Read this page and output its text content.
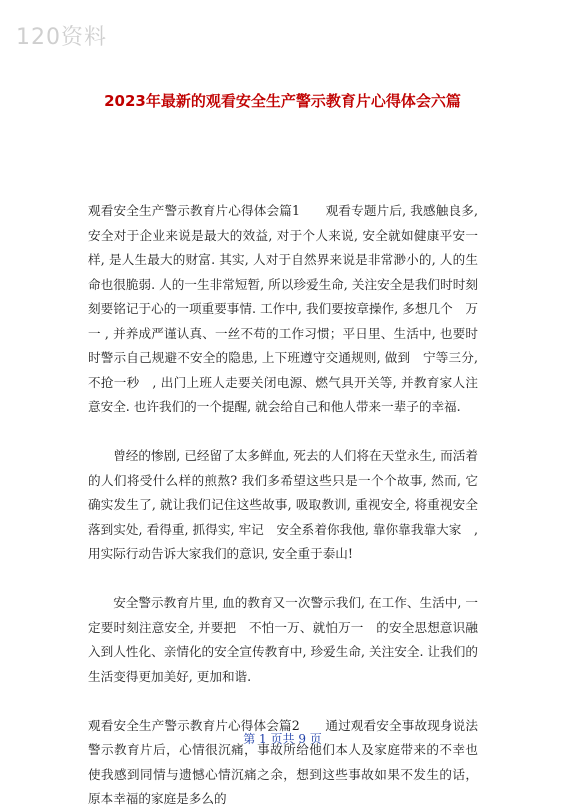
120资料
2023年最新的观看安全生产警示教育片心得体会六篇

观看安全生产警示教育片心得体会篇1　　观看专题片后, 我感触良多, 安全对于企业来说是最大的效益, 对于个人来说, 安全就如健康平安一样, 是人生最大的财富. 其实, 人对于自然界来说是非常渺小的, 人的生命也很脆弱. 人的一生非常短暂, 所以珍爱生命, 关注安全是我们时时刻刻要铭记于心的一项重要事情. 工作中, 我们要按章操作, 多想几个　万一 , 并养成严谨认真、一丝不苟的工作习惯；平日里、生活中, 也要时时警示自己规避不安全的隐患, 上下班遵守交通规则, 做到　宁等三分, 不抢一秒　, 出门上班人走要关闭电源、燃气具开关等, 并教育家人注意安全. 也许我们的一个提醒, 就会给自己和他人带来一辈子的幸福.

曾经的惨剧, 已经留了太多鲜血, 死去的人们将在天堂永生, 而活着的人们将受什么样的煎熬? 我们多希望这些只是一个个故事, 然而, 它确实发生了, 就让我们记住这些故事, 吸取教训, 重视安全, 将重视安全落到实处, 看得重, 抓得实, 牢记　安全系着你我他, 靠你靠我靠大家　, 用实际行动告诉大家我们的意识, 安全重于泰山!

安全警示教育片里, 血的教育又一次警示我们, 在工作、生活中, 一定要时刻注意安全, 并要把　不怕一万、就怕万一　的安全思想意识融入到人性化、亲情化的安全宣传教育中, 珍爱生命, 关注安全. 让我们的生活变得更加美好, 更加和谐.

观看安全生产警示教育片心得体会篇2　　通过观看安全事故现身说法警示教育片后，心情很沉痛，事故所给他们本人及家庭带来的不幸也使我感到同情与遗憾心情沉痛之余，想到这些事故如果不发生的话，原本幸福的家庭是多么的

第 1 页共 9 页
